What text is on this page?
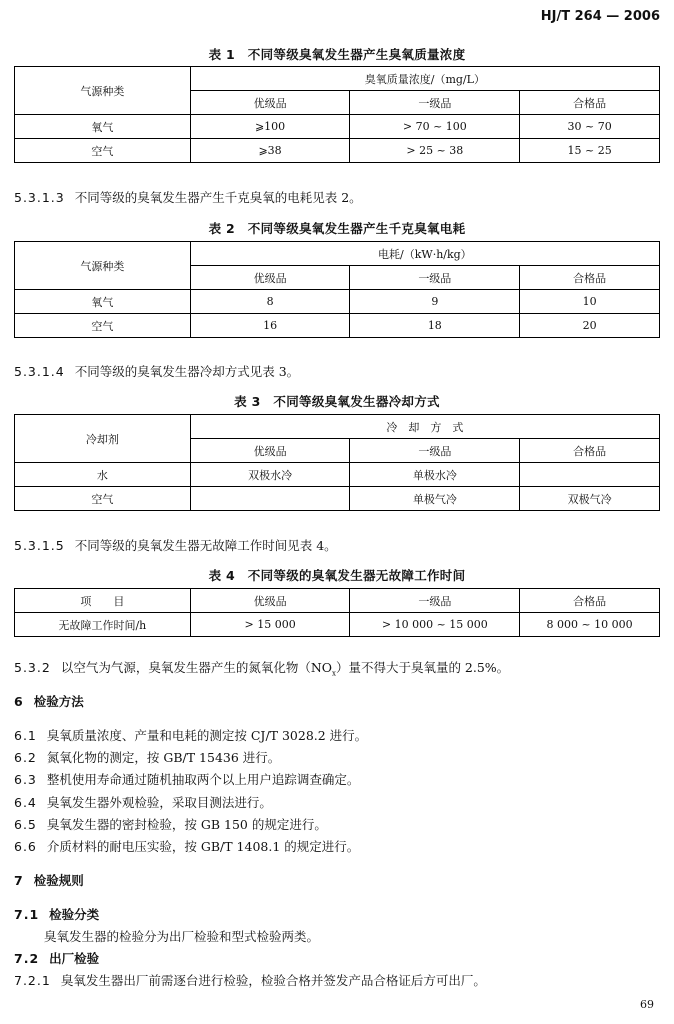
HJ/T 264 — 2006
表 1　不同等级臭氧发生器产生臭氧质量浓度
气源种类	臭氧质量浓度/（mg/L）		
	优级品	一级品	合格品
氧气	⩾100	> 70 ~ 100	30 ~ 70
空气	⩾38	> 25 ~ 38	15 ~ 25
5.3.1.3 不同等级的臭氧发生器产生千克臭氧的电耗见表 2。
表 2　不同等级臭氧发生器产生千克臭氧电耗
气源种类	电耗/（kW·h/kg）		
	优级品	一级品	合格品
氧气	8	9	10
空气	16	18	20
5.3.1.4 不同等级的臭氧发生器冷却方式见表 3。
表 3　不同等级臭氧发生器冷却方式
冷却剂	冷　却　方　式		
	优级品	一级品	合格品
水	双极水冷	单极水冷	
空气		单极气冷	双极气冷
5.3.1.5 不同等级的臭氧发生器无故障工作时间见表 4。
表 4　不同等级的臭氧发生器无故障工作时间
项　　目	优级品	一级品	合格品
无故障工作时间/h	> 15 000	> 10 000 ~ 15 000	8 000 ~ 10 000
5.3.2 以空气为气源，臭氧发生器产生的氮氧化物$(NO_x)$量不得大于臭氧量的 2.5%。
6 检验方法
6.1 臭氧质量浓度、产量和电耗的测定按 CJ/T 3028.2 进行。
6.2 氮氧化物的测定，按 GB/T 15436 进行。
6.3 整机使用寿命通过随机抽取两个以上用户追踪调查确定。
6.4 臭氧发生器外观检验，采取目测法进行。
6.5 臭氧发生器的密封检验，按 GB 150 的规定进行。
6.6 介质材料的耐电压实验，按 GB/T 1408.1 的规定进行。
7 检验规则
7.1 检验分类
臭氧发生器的检验分为出厂检验和型式检验两类。
7.2 出厂检验
7.2.1 臭氧发生器出厂前需逐台进行检验，检验合格并签发产品合格证后方可出厂。
69
